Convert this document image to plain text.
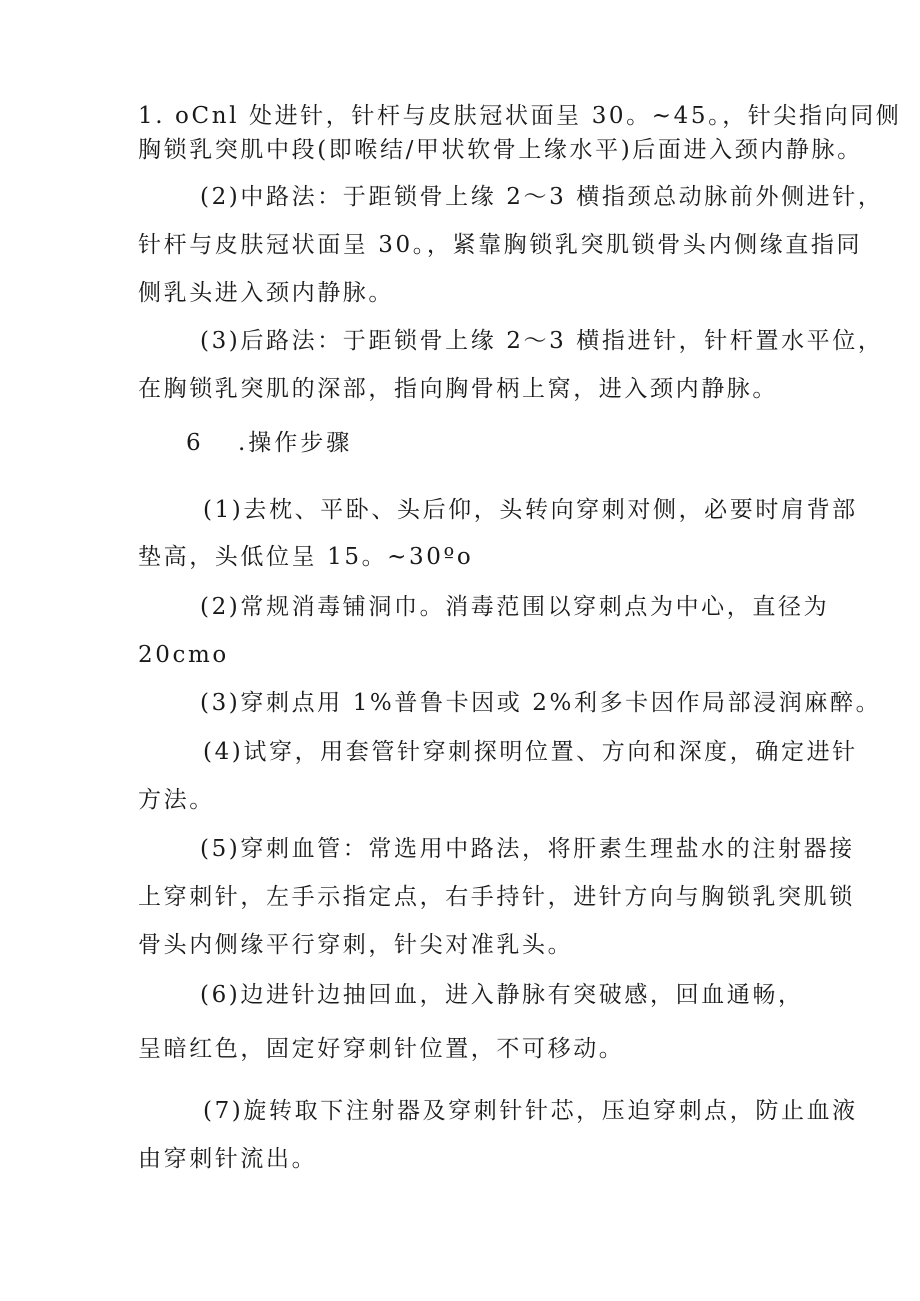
1. oCnl 处进针，针杆与皮肤冠状面呈 30。~45。，针尖指向同侧
胸锁乳突肌中段(即喉结/甲状软骨上缘水平)后面进入颈内静脉。
(2)中路法：于距锁骨上缘 2～3 横指颈总动脉前外侧进针，
针杆与皮肤冠状面呈 30。，紧靠胸锁乳突肌锁骨头内侧缘直指同
侧乳头进入颈内静脉。
(3)后路法：于距锁骨上缘 2～3 横指进针，针杆置水平位，
在胸锁乳突肌的深部，指向胸骨柄上窝，进入颈内静脉。
6 .操作步骤
(1)去枕、平卧、头后仰，头转向穿刺对侧，必要时肩背部
垫高，头低位呈 15。~30ºo
(2)常规消毒铺洞巾。消毒范围以穿刺点为中心，直径为
20cmo
(3)穿刺点用 1%普鲁卡因或 2%利多卡因作局部浸润麻醉。
(4)试穿，用套管针穿刺探明位置、方向和深度，确定进针
方法。
(5)穿刺血管：常选用中路法，将肝素生理盐水的注射器接
上穿刺针，左手示指定点，右手持针，进针方向与胸锁乳突肌锁
骨头内侧缘平行穿刺，针尖对准乳头。
(6)边进针边抽回血，进入静脉有突破感，回血通畅，
呈暗红色，固定好穿刺针位置，不可移动。
(7)旋转取下注射器及穿刺针针芯，压迫穿刺点，防止血液
由穿刺针流出。
